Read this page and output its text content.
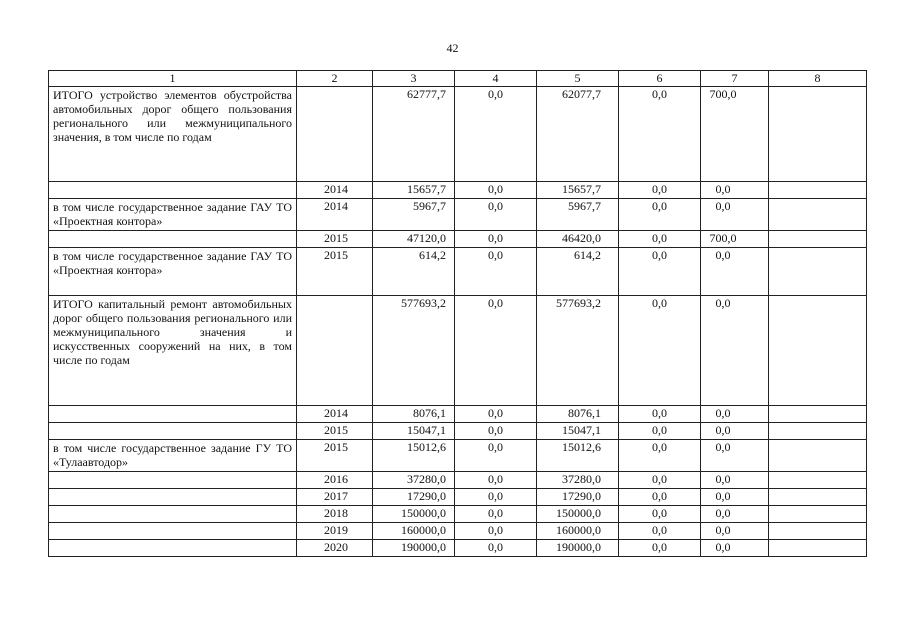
42
1	2	3	4	5	6	7	8
ИТОГО устройство элементов обустройства автомобильных дорог общего пользования регионального или межмуниципального значения, в том числе по годам		62777,7	0,0	62077,7	0,0	700,0	
	2014	15657,7	0,0	15657,7	0,0	0,0	
в том числе государственное задание ГАУ ТО «Проектная контора»	2014	5967,7	0,0	5967,7	0,0	0,0	
	2015	47120,0	0,0	46420,0	0,0	700,0	
в том числе государственное задание ГАУ ТО «Проектная контора»	2015	614,2	0,0	614,2	0,0	0,0	
ИТОГО капитальный ремонт автомобильных дорог общего пользования регионального или межмуниципального значения и искусственных сооружений на них, в том числе по годам		577693,2	0,0	577693,2	0,0	0,0	
	2014	8076,1	0,0	8076,1	0,0	0,0	
	2015	15047,1	0,0	15047,1	0,0	0,0	
в том числе государственное задание ГУ ТО «Тулаавтодор»	2015	15012,6	0,0	15012,6	0,0	0,0	
	2016	37280,0	0,0	37280,0	0,0	0,0	
	2017	17290,0	0,0	17290,0	0,0	0,0	
	2018	150000,0	0,0	150000,0	0,0	0,0	
	2019	160000,0	0,0	160000,0	0,0	0,0	
	2020	190000,0	0,0	190000,0	0,0	0,0	
